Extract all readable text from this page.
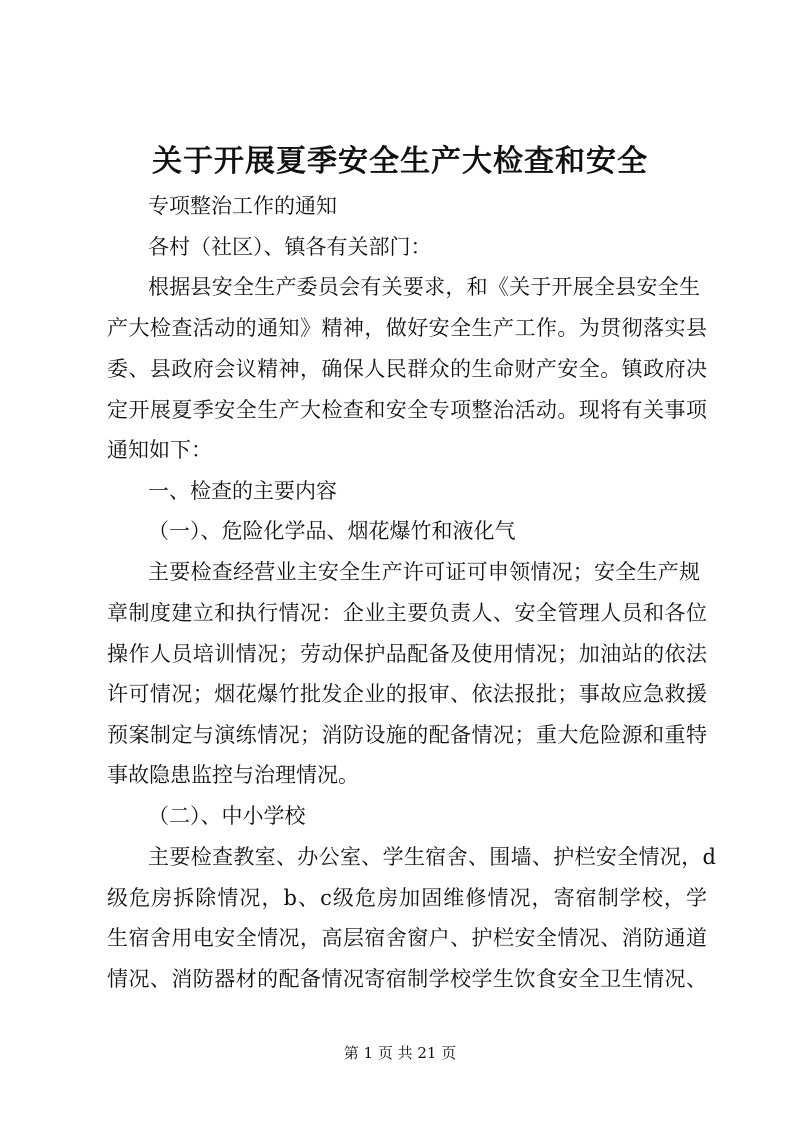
关于开展夏季安全生产大检查和安全
专项整治工作的通知
各村（社区）、镇各有关部门：
根据县安全生产委员会有关要求，和《关于开展全县安全生
产大检查活动的通知》精神，做好安全生产工作。为贯彻落实县
委、县政府会议精神，确保人民群众的生命财产安全。镇政府决
定开展夏季安全生产大检查和安全专项整治活动。现将有关事项
通知如下：
一、检查的主要内容
（一）、危险化学品、烟花爆竹和液化气
主要检查经营业主安全生产许可证可申领情况；安全生产规
章制度建立和执行情况：企业主要负责人、安全管理人员和各位
操作人员培训情况；劳动保护品配备及使用情况；加油站的依法
许可情况；烟花爆竹批发企业的报审、依法报批；事故应急救援
预案制定与演练情况；消防设施的配备情况；重大危险源和重特
事故隐患监控与治理情况。
（二）、中小学校
主要检查教室、办公室、学生宿舍、围墙、护栏安全情况，d
级危房拆除情况，b、c级危房加固维修情况，寄宿制学校，学
生宿舍用电安全情况，高层宿舍窗户、护栏安全情况、消防通道
情况、消防器材的配备情况寄宿制学校学生饮食安全卫生情况、
第 1 页 共 21 页
